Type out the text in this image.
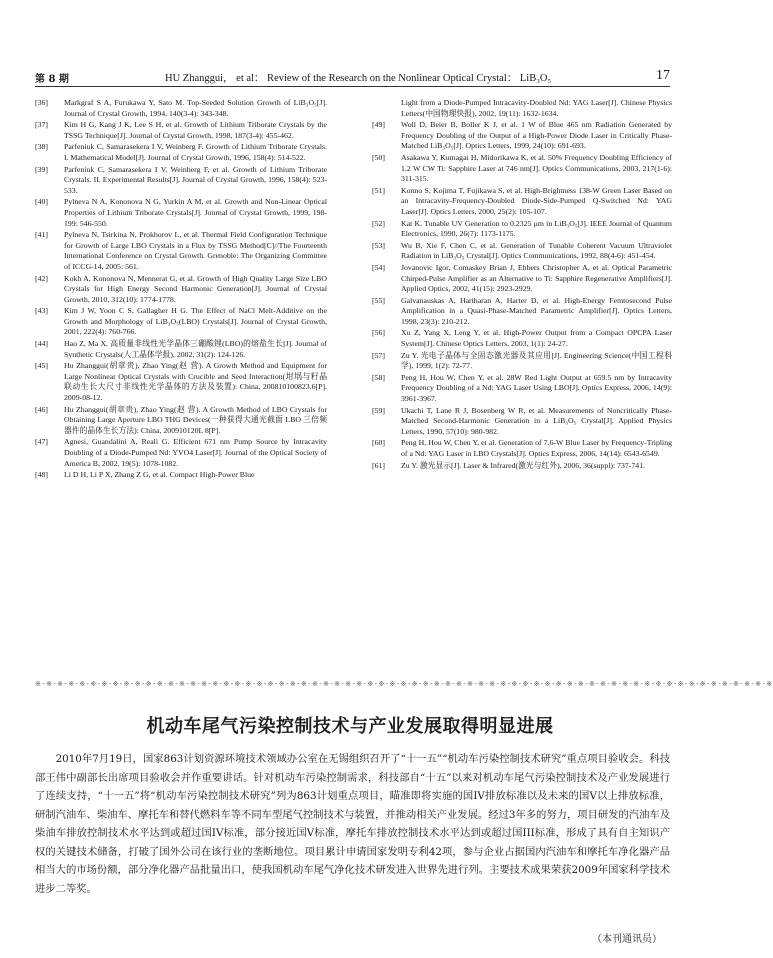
第 8 期	HU Zhanggui， et al： Review of the Research on the Nonlinear Optical Crystal： LiB₃O₅	17
[36] Markgraf S A, Furukawa Y, Sato M. Top-Seeded Solution Growth of LiB₃O₅[J]. Journal of Crystal Growth, 1994, 140(3-4): 343-348.
[37] Kim H G, Kang J K, Lee S H, et al. Growth of Lithium Triborate Crystals by the TSSG Technique[J]. Journal of Crystal Growth, 1998, 187(3-4): 455-462.
[38] Parfeniuk C, Samarasekera I V, Weinberg F. Growth of Lithium Triborate Crystals. I. Mathematical Model[J]. Journal of Crystal Growth, 1996, 158(4): 514-522.
[39] Parfeniuk C, Samarasekera I V, Weinberg F, et al. Growth of Lithium Triborate Crystals. II. Experimental Results[J]. Journal of Crystal Growth, 1996, 158(4): 523-533.
[40] Pylneva N A, Kononova N G, Yurkin A M, et al. Growth and Non-Linear Optical Properties of Lithium Triborate Crystals[J]. Journal of Crystal Growth, 1999, 198-199: 546-550.
[41] Pylneva N, Tsirkina N, Prokhorov L, et al. Thermal Field Configuration Technique for Growth of Large LBO Crystals in a Flux by TSSG Method[C]//The Fourteenth International Conference on Crystal Growth. Grenoble: The Organizing Committee of ICCG-14, 2005: 561.
[42] Kokh A, Kononova N, Mennerat G, et al. Growth of High Quality Large Size LBO Crystals for High Energy Second Harmonic Generation[J]. Journal of Crystal Growth, 2010, 312(10): 1774-1778.
[43] Kim J W, Yoon C S, Gallagher H G. The Effect of NaCl Melt-Additive on the Growth and Morphology of LiB₃O₅(LBO) Crystals[J]. Journal of Crystal Growth, 2001, 222(4): 760-766.
[44] Hao Z, Ma X. 高质量非线性光学晶体三硼酸锂(LBO)的熔盐生长[J]. Journal of Synthetic Crystals(人工晶体学报), 2002, 31(2): 124-126.
[45] Hu Zhanggui(胡章贵), Zhao Ying(赵 营). A Growth Method and Equipment for Large Nonlinear Optical Crystals with Crucible and Seed Interaction(坩埚与籽晶联动生长大尺寸非线性光学晶体的方法及装置): China, 200810100823.6[P]. 2009-08-12.
[46] Hu Zhanggui(胡章贵), Zhao Ying(赵 营). A Growth Method of LBO Crystals for Obtaining Large Aperture LBO THG Devices(一种获得大通光截面 LBO 三倍频器件的晶体生长方法): China, 200910120L 8[P].
[47] Agnesi, Guandalini A, Reali G. Efficient 671 nm Pump Source by Intracavity Doubling of a Diode-Pumped Nd: YVO4 Laser[J]. Journal of the Optical Society of America B, 2002, 19(5): 1078-1082.
[48] Li D H, Li P X, Zhang Z G, et al. Compact High-Power Blue
Light from a Diode-Pumped Intracavity-Doubled Nd: YAG Laser[J]. Chinese Physics Letters(中国物理快报), 2002, 19(11): 1632-1634.
[49] Woll D, Beier B, Boller K J, et al. 1 W of Blue 465 nm Radiation Generated by Frequency Doubling of the Output of a High-Power Diode Laser in Critically Phase-Matched LiB₃O₅[J]. Optics Letters, 1999, 24(10): 691-693.
[50] Asakawa Y, Kumagai H, Midorikawa K, et al. 50% Frequency Doubling Efficiency of 1.2 W CW Ti: Sapphire Laser at 746 nm[J]. Optics Communications, 2003, 217(1-6): 311-315.
[51] Konno S, Kojima T, Fujikawa S, et al. High-Brightness 138-W Green Laser Based on an Intracavity-Frequency-Doubled Diode-Side-Pumped Q-Switched Nd: YAG Laser[J]. Optics Letters, 2000, 25(2): 105-107.
[52] Kat K. Tunable UV Generation to 0.2325 μm in LiB₃O₅[J]. IEEE Journal of Quantum Electronics, 1990, 26(7): 1173-1175.
[53] Wu B, Xie F, Chen C, et al. Generation of Tunable Coherent Vacuum Ultraviolet Radiation in LiB₃O₅ Crystal[J]. Optics Communications, 1992, 88(4-6): 451-454.
[54] Jovanovic Igor, Comaskey Brian J, Ebbers Christopher A, et al. Optical Parametric Chirped-Pulse Amplifier as an Alternative to Ti: Sapphire Regenerative Amplifiers[J]. Applied Optics, 2002, 41(15): 2923-2929.
[55] Galvanauskas A, Hariharan A, Harter D, et al. High-Energy Femtosecond Pulse Amplification in a Quasi-Phase-Matched Parametric Amplifier[J]. Optics Letters, 1998, 23(3): 210-212.
[56] Xu Z, Yang X, Leng Y, et al. High-Power Output from a Compact OPCPA Laser System[J]. Chinese Optics Letters, 2003, 1(1): 24-27.
[57] Zu Y. 光电子晶体与全固态激光器及其应用[J]. Engineering Science(中国工程科学), 1999, 1(2): 72-77.
[58] Peng H, Hou W, Chen Y, et al. 28W Red Light Output at 659.5 nm by Intracavity Frequency Doubling of a Nd: YAG Laser Using LBO[J]. Optics Express, 2006, 14(9): 3961-3967.
[59] Ukachi T, Lane R J, Bosenberg W R, et al. Measurements of Noncritically Phase-Matched Second-Harmonic Generation in a LiB₃O₅ Crystal[J]. Applied Physics Letters, 1990, 57(10): 980-982.
[60] Peng H, Hou W, Chen Y, et al. Generation of 7.6-W Blue Laser by Frequency-Tripling of a Nd: YAG Laser in LBO Crystals[J]. Optics Express, 2006, 14(14): 6543-6549.
[61] Zu Y. 激光显示[J]. Laser & Infrared(激光与红外), 2006, 36(suppl): 737-741.
※-※-※-※-※-※-※-※-※-※-※-※-※-※-※-※-※-※-※-※-※-※-※-※-※-※-※-※-※-※-※-※-※-※-※-※-※-※-※-※-※-※-※-※-※-※-※-※-※-※-※-※-※-※-※-※-※-※-※-※-※-※-※-※-※-※-※
机动车尾气污染控制技术与产业发展取得明显进展
2010年7月19日，国家863计划资源环境技术领域办公室在无锡组织召开了“十一五”“机动车污染控制技术研究”重点项目验收会。科技部王伟中副部长出席项目验收会并作重要讲话。针对机动车污染控制需求，科技部自“十五”以来对机动车尾气污染控制技术及产业发展进行了连续支持，“十一五”将“机动车污染控制技术研究”列为863计划重点项目，瞄准即将实施的国IV排放标准以及未来的国V以上排放标准，研制汽油车、柴油车、摩托车和替代燃料车等不同车型尾气控制技术与装置，并推动相关产业发展。经过3年多的努力，项目研发的汽油车及柴油车排放控制技术水平达到或超过国IV标准，部分接近国V标准，摩托车排放控制技术水平达到或超过国III标准，形成了具有自主知识产权的关键技术储备，打破了国外公司在该行业的垄断地位。项目累计申请国家发明专利42项，参与企业占据国内汽油车和摩托车净化器产品相当大的市场份额，部分净化器产品批量出口，使我国机动车尾气净化技术研发进入世界先进行列。主要技术成果荣获2009年国家科学技术进步二等奖。
（本刊通讯员）
